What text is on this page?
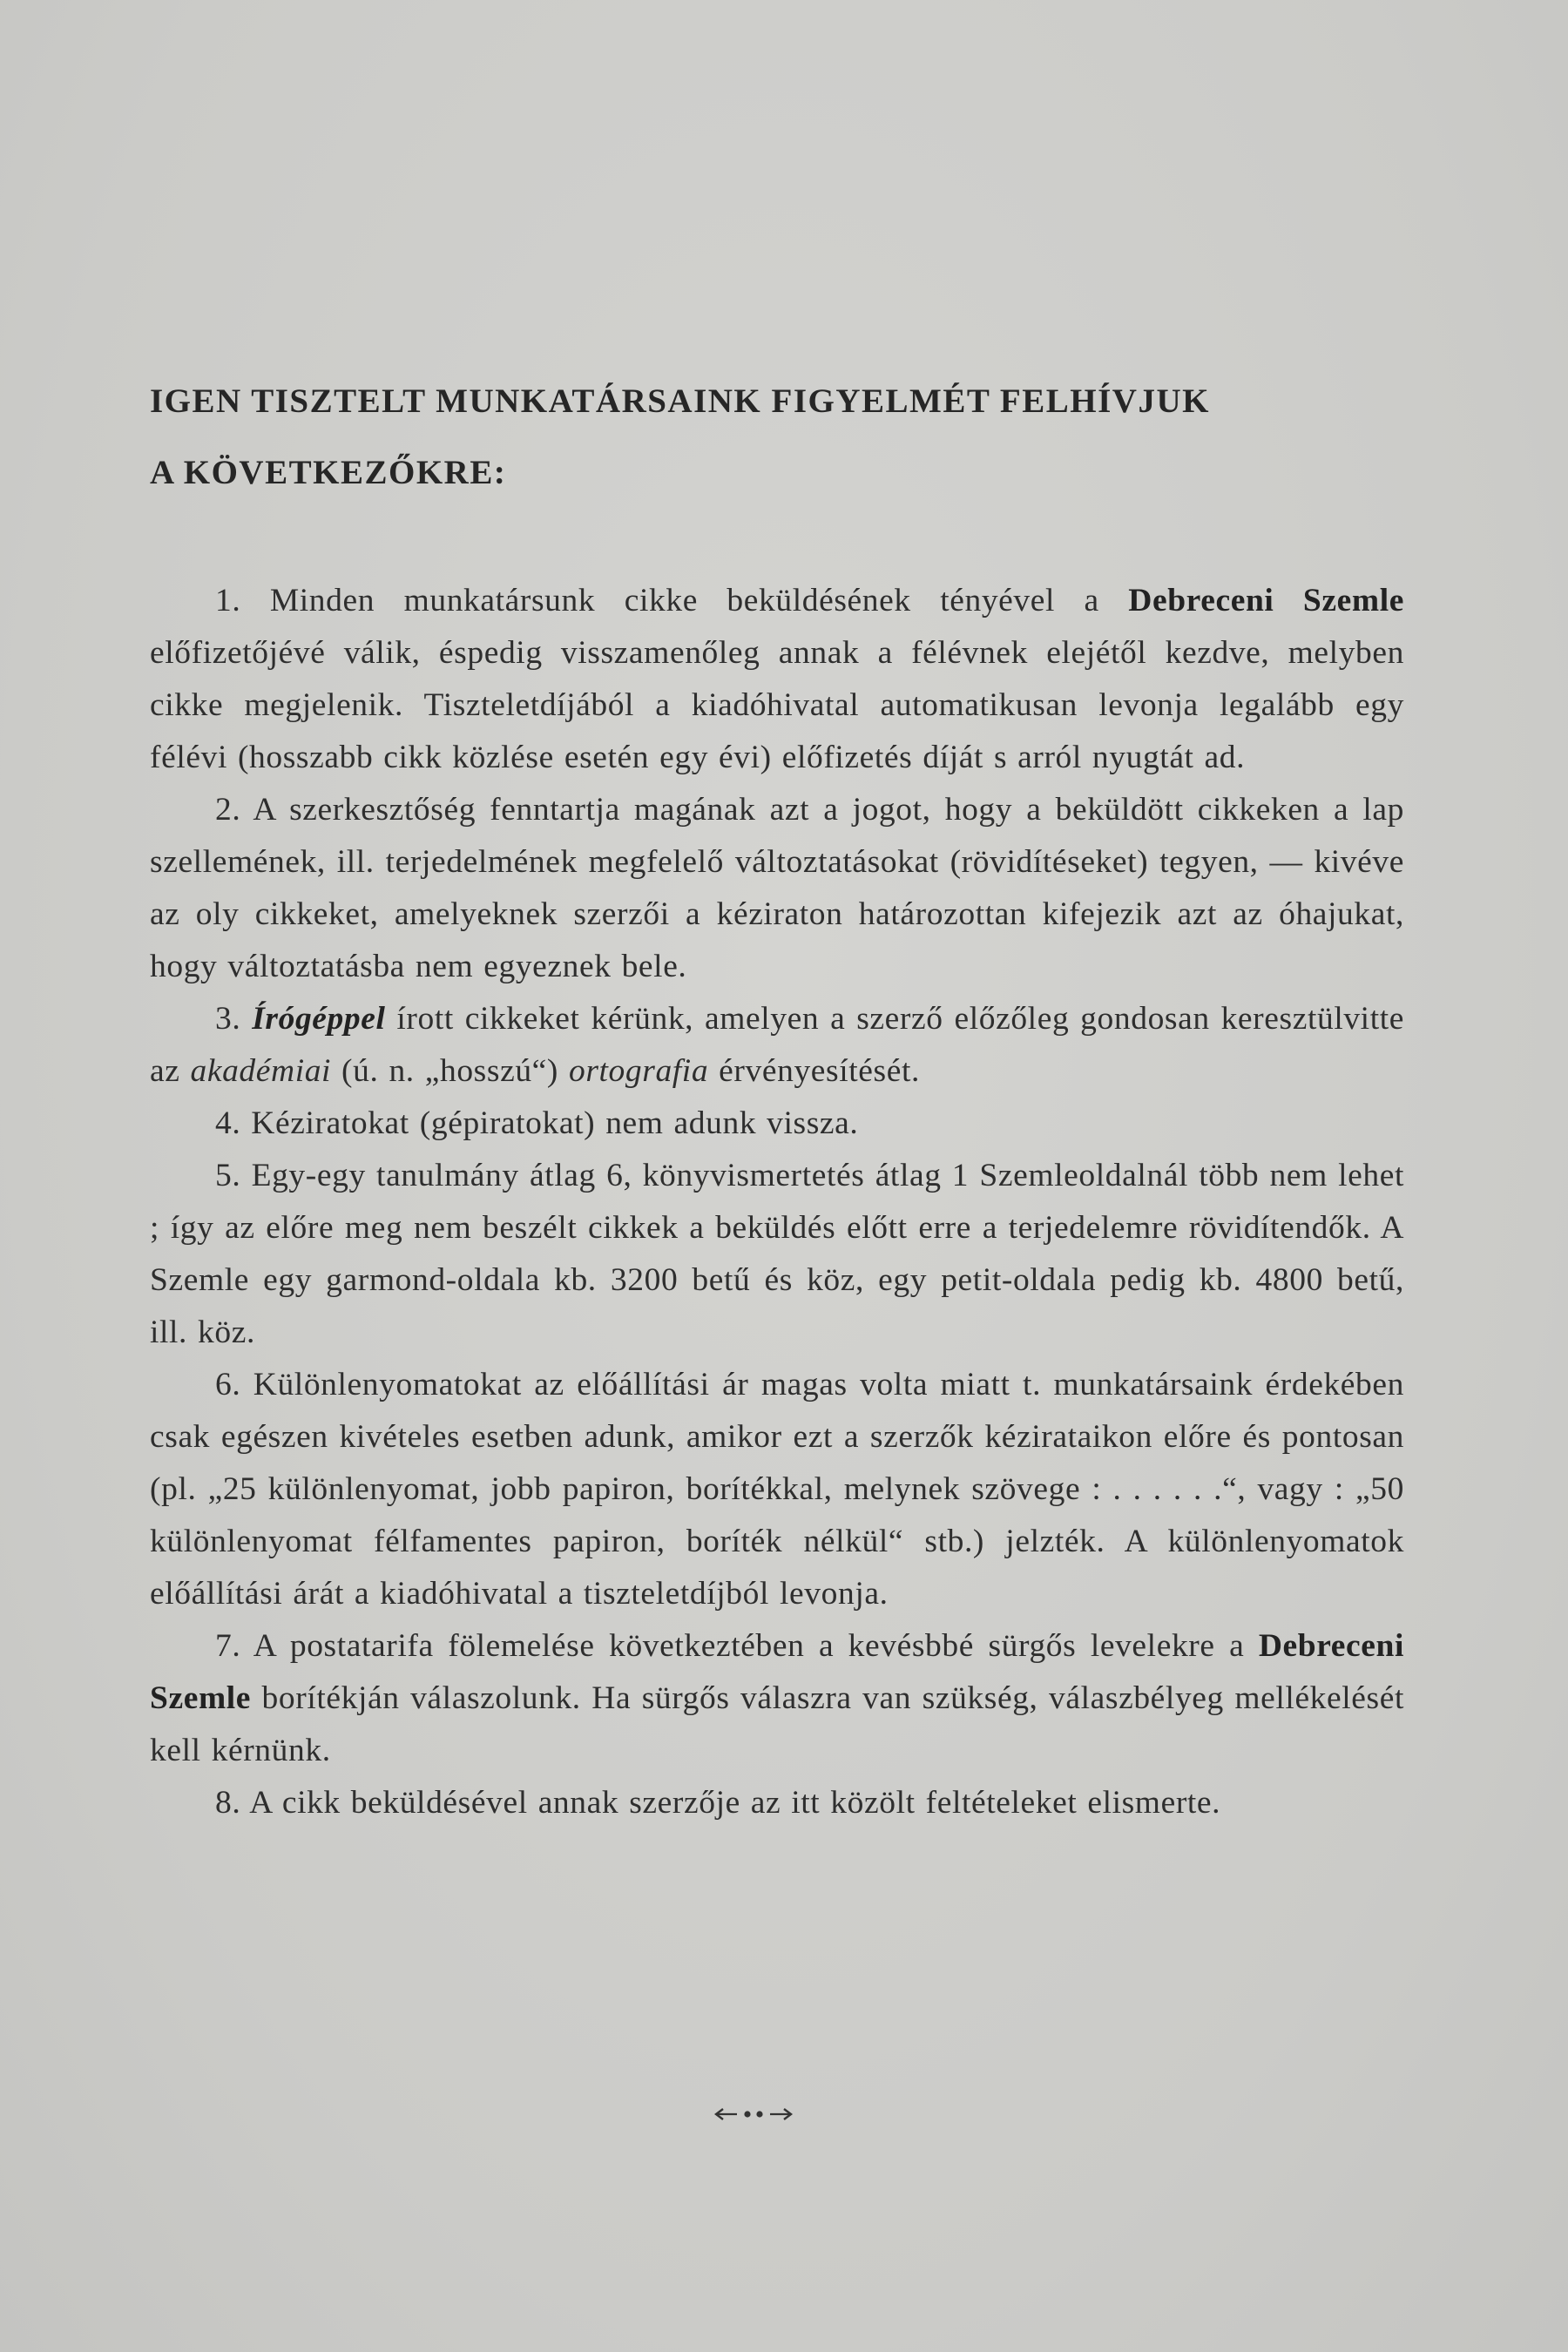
IGEN TISZTELT MUNKATÁRSAINK FIGYELMÉT FELHÍVJUK
A KÖVETKEZŐKRE:

1. Minden munkatársunk cikke beküldésének tényével a Debreceni Szemle előfizetőjévé válik, éspedig visszamenőleg annak a félévnek elejétől kezdve, melyben cikke megjelenik. Tiszteletdíjából a kiadóhivatal automatikusan levonja legalább egy félévi (hosszabb cikk közlése esetén egy évi) előfizetés díját s arról nyugtát ad.

2. A szerkesztőség fenntartja magának azt a jogot, hogy a beküldött cikkeken a lap szellemének, ill. terjedelmének megfelelő változtatásokat (rövidítéseket) tegyen, — kivéve az oly cikkeket, amelyeknek szerzői a kéziraton határozottan kifejezik azt az óhajukat, hogy változtatásba nem egyeznek bele.

3. Írógéppel írott cikkeket kérünk, amelyen a szerző előzőleg gondosan keresztülvitte az akadémiai (ú. n. „hosszú“) ortografia érvényesítését.

4. Kéziratokat (gépiratokat) nem adunk vissza.

5. Egy-egy tanulmány átlag 6, könyvismertetés átlag 1 Szemleoldalnál több nem lehet ; így az előre meg nem beszélt cikkek a beküldés előtt erre a terjedelemre rövidítendők. A Szemle egy garmond-oldala kb. 3200 betű és köz, egy petit-oldala pedig kb. 4800 betű, ill. köz.

6. Különlenyomatokat az előállítási ár magas volta miatt t. munkatársaink érdekében csak egészen kivételes esetben adunk, amikor ezt a szerzők kézirataikon előre és pontosan (pl. „25 különlenyomat, jobb papiron, borítékkal, melynek szövege : . . . . . .“, vagy : „50 különlenyomat félfamentes papiron, boríték nélkül“ stb.) jelzték. A különlenyomatok előállítási árát a kiadóhivatal a tiszteletdíjból levonja.

7. A postatarifa fölemelése következtében a kevésbbé sürgős levelekre a Debreceni Szemle borítékján válaszolunk. Ha sürgős válaszra van szükség, válaszbélyeg mellékelését kell kérnünk.

8. A cikk beküldésével annak szerzője az itt közölt feltételeket elismerte.
